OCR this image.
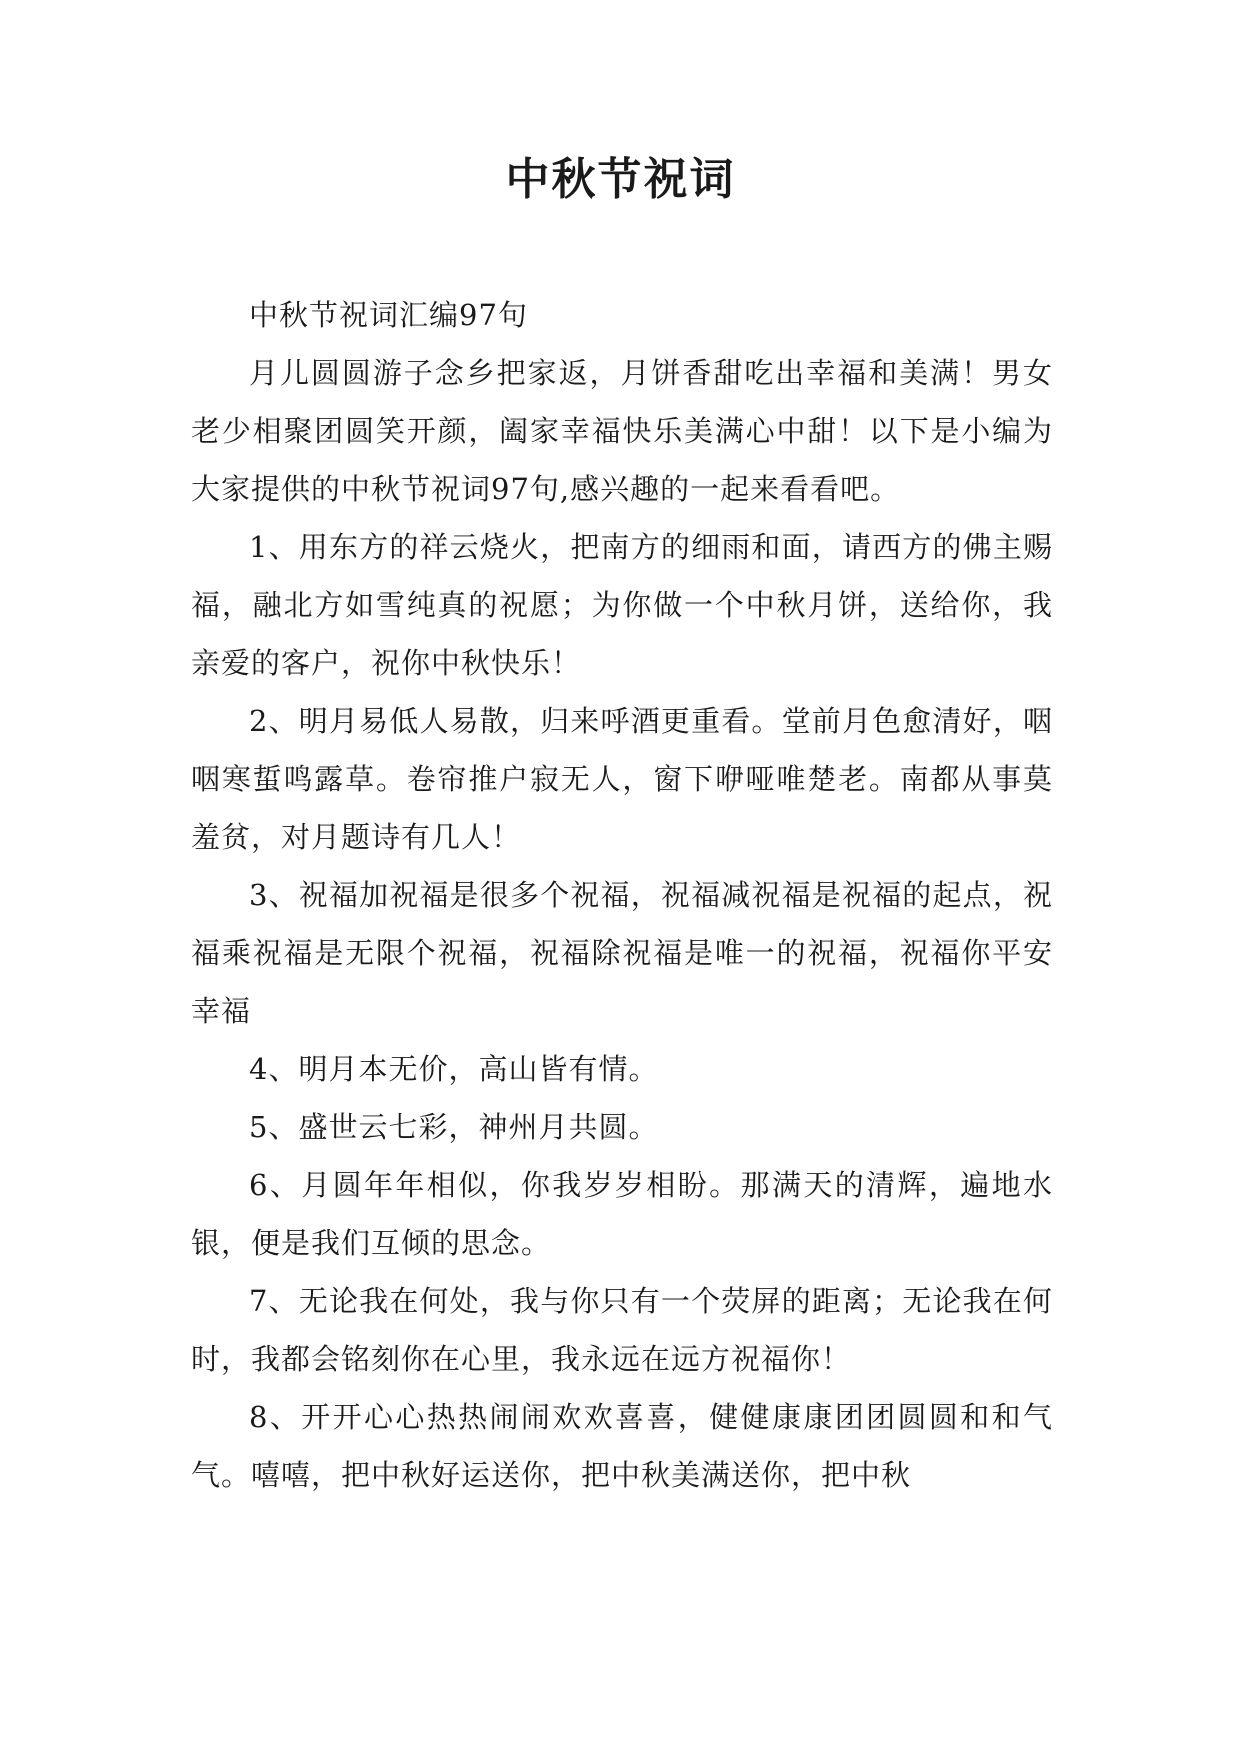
中秋节祝词

中秋节祝词汇编97句

月儿圆圆游子念乡把家返，月饼香甜吃出幸福和美满！男女老少相聚团圆笑开颜，阖家幸福快乐美满心中甜！以下是小编为大家提供的中秋节祝词97句,感兴趣的一起来看看吧。

1、用东方的祥云烧火，把南方的细雨和面，请西方的佛主赐福，融北方如雪纯真的祝愿；为你做一个中秋月饼，送给你，我亲爱的客户，祝你中秋快乐！

2、明月易低人易散，归来呼酒更重看。堂前月色愈清好，咽咽寒蜇鸣露草。卷帘推户寂无人，窗下咿哑唯楚老。南都从事莫羞贫，对月题诗有几人！

3、祝福加祝福是很多个祝福，祝福减祝福是祝福的起点，祝福乘祝福是无限个祝福，祝福除祝福是唯一的祝福，祝福你平安幸福

4、明月本无价，高山皆有情。

5、盛世云七彩，神州月共圆。

6、月圆年年相似，你我岁岁相盼。那满天的清辉，遍地水银，便是我们互倾的思念。

7、无论我在何处，我与你只有一个荧屏的距离；无论我在何时，我都会铭刻你在心里，我永远在远方祝福你！

8、开开心心热热闹闹欢欢喜喜，健健康康团团圆圆和和气气。嘻嘻，把中秋好运送你，把中秋美满送你，把中秋
